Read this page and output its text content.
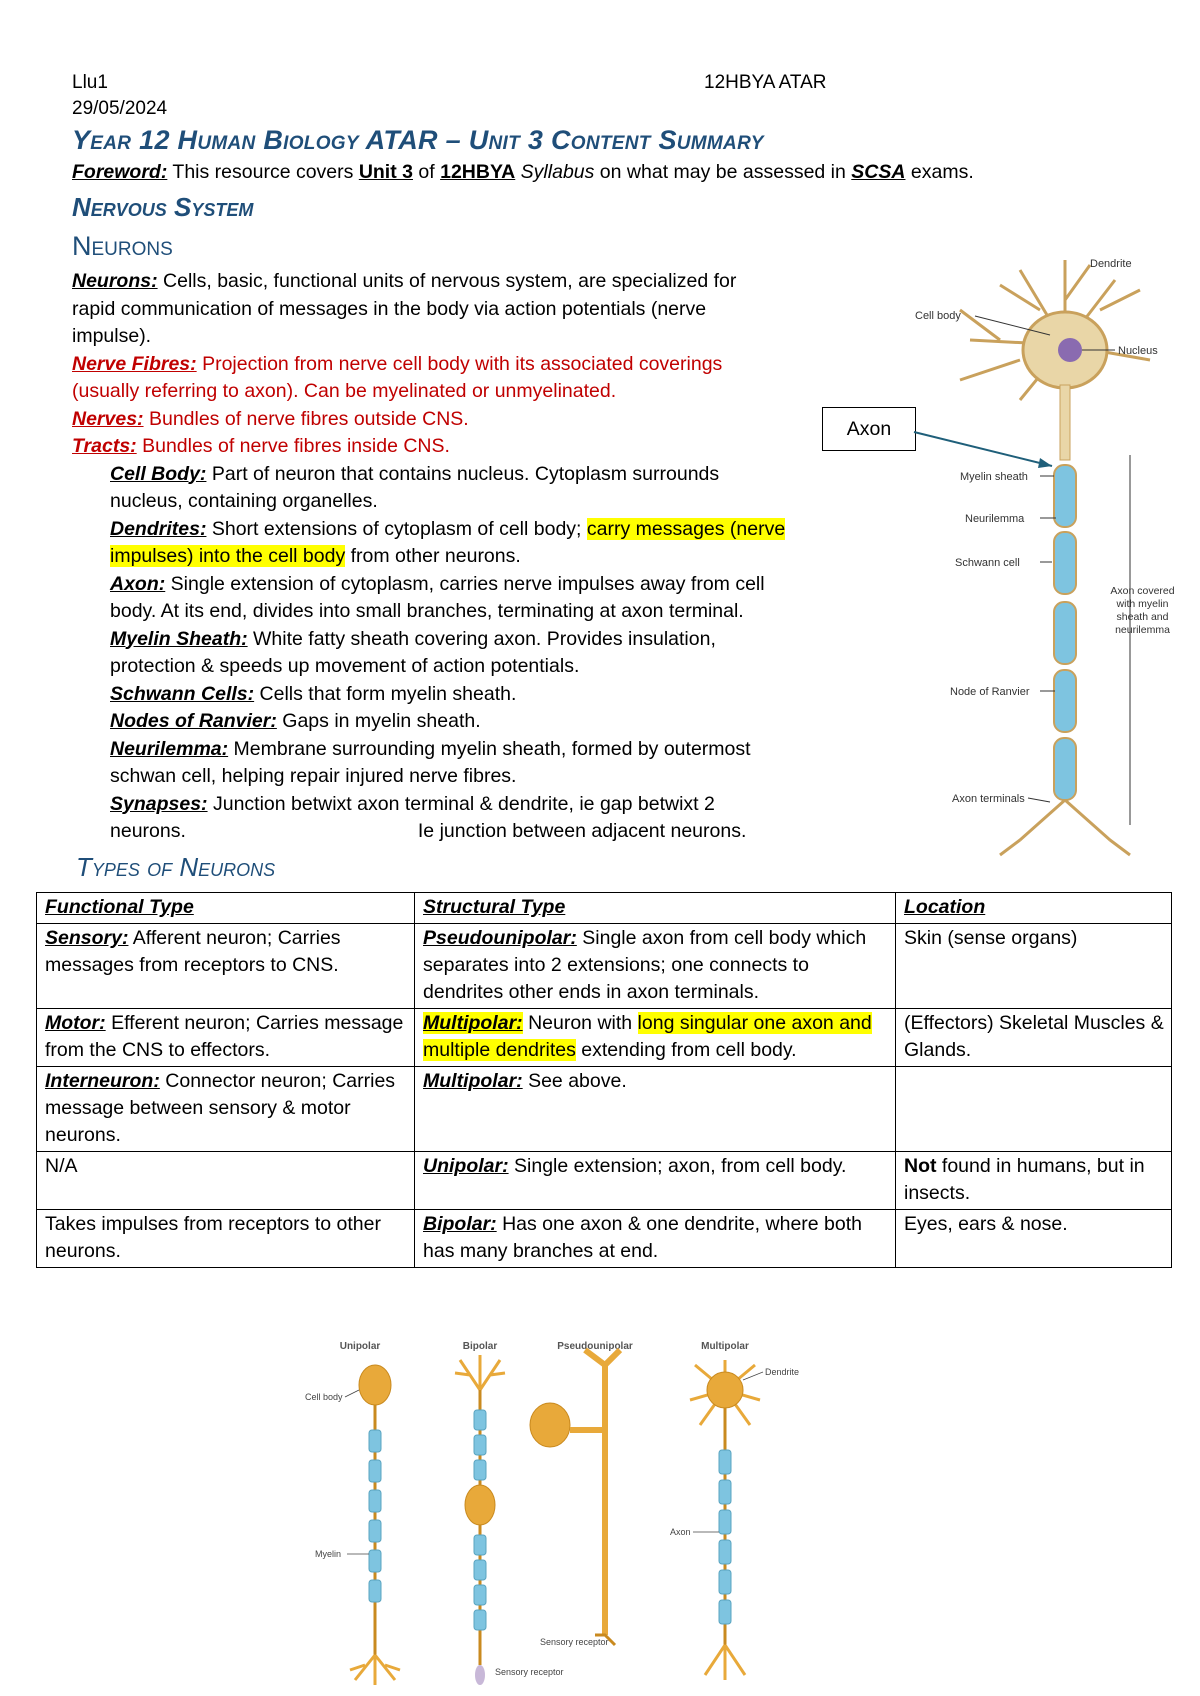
Llu1
29/05/2024
12HBYA ATAR
Year 12 Human Biology ATAR – Unit 3 Content Summary
Foreword: This resource covers Unit 3 of 12HBYA Syllabus on what may be assessed in SCSA exams.
Nervous System
Neurons
Neurons: Cells, basic, functional units of nervous system, are specialized for
rapid communication of messages in the body via action potentials (nerve
impulse).
Nerve Fibres: Projection from nerve cell body with its associated coverings
(usually referring to axon). Can be myelinated or unmyelinated.
Nerves: Bundles of nerve fibres outside CNS.
Tracts: Bundles of nerve fibres inside CNS.
Cell Body: Part of neuron that contains nucleus. Cytoplasm surrounds
nucleus, containing organelles.
Dendrites: Short extensions of cytoplasm of cell body; carry messages (nerve
impulses) into the cell body from other neurons.
Axon: Single extension of cytoplasm, carries nerve impulses away from cell
body. At its end, divides into small branches, terminating at axon terminal.
Myelin Sheath: White fatty sheath covering axon. Provides insulation,
protection & speeds up movement of action potentials.
Schwann Cells: Cells that form myelin sheath.
Nodes of Ranvier: Gaps in myelin sheath.
Neurilemma: Membrane surrounding myelin sheath, formed by outermost
schwan cell, helping repair injured nerve fibres.
Synapses: Junction betwixt axon terminal & dendrite, ie gap betwixt 2
neurons.	Ie junction between adjacent neurons.
Dendrite
Cell body
Nucleus
Myelin sheath
Neurilemma
Schwann cell
Node of Ranvier
Axon terminals
Axon covered with myelin sheath and neurilemma
Axon
Types of Neurons
Functional Type	Structural Type	Location
Sensory: Afferent neuron; Carries messages from receptors to CNS.	Pseudounipolar: Single axon from cell body which separates into 2 extensions; one connects to dendrites other ends in axon terminals.	Skin (sense organs)
Motor: Efferent neuron; Carries message from the CNS to effectors.	Multipolar: Neuron with long singular one axon and multiple dendrites extending from cell body.	(Effectors) Skeletal Muscles & Glands.
Interneuron: Connector neuron; Carries message between sensory & motor neurons.	Multipolar: See above.	
N/A	Unipolar: Single extension; axon, from cell body.	Not found in humans, but in insects.
Takes impulses from receptors to other neurons.	Bipolar: Has one axon & one dendrite, where both has many branches at end.	Eyes, ears & nose.
Unipolar	Bipolar	Pseudounipolar	Multipolar
Cell body
Myelin
Dendrite
Axon
Sensory receptor
Sensory receptor
